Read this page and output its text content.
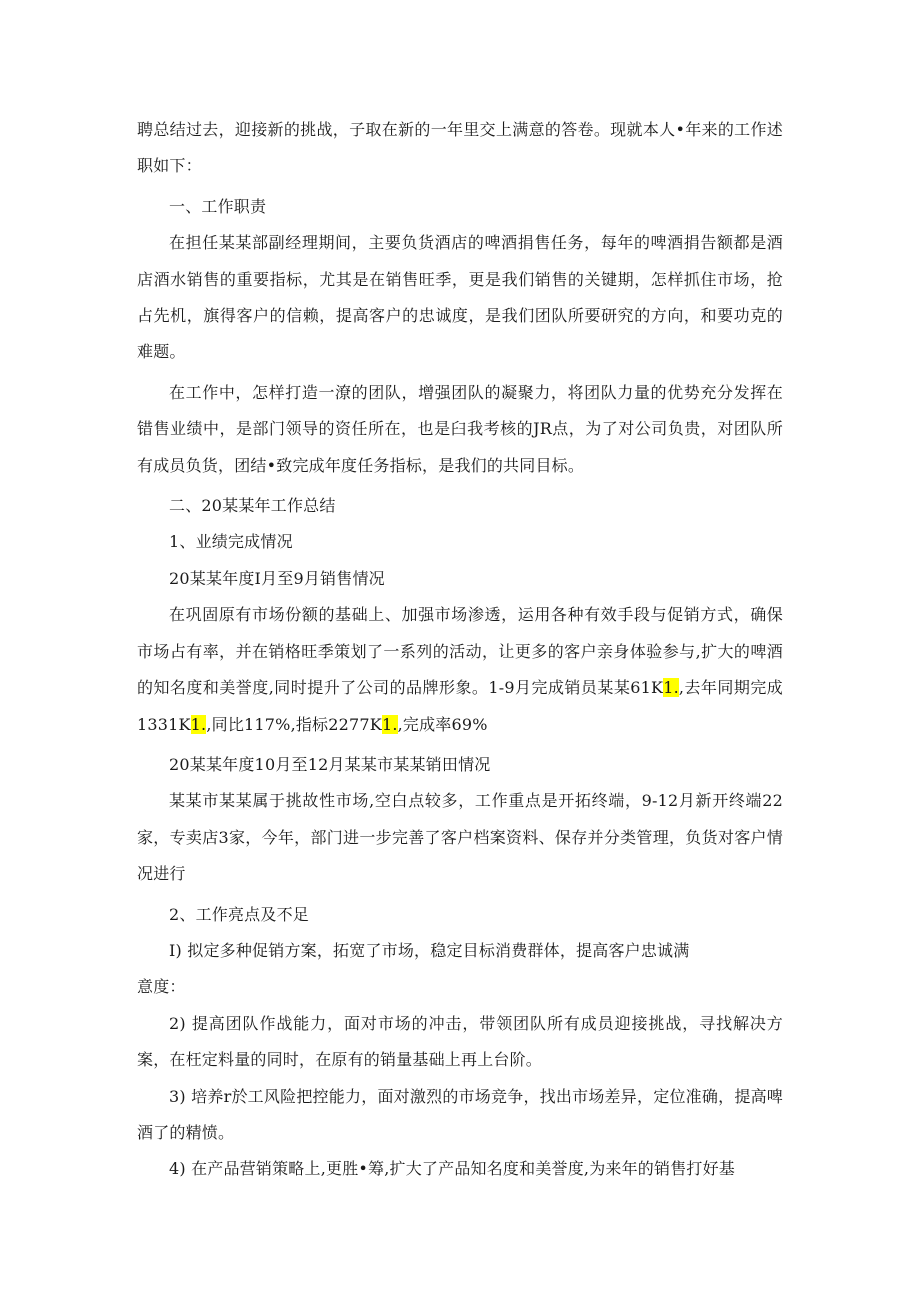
聘总结过去，迎接新的挑战，子取在新的一年里交上满意的答卷。现就本人•年来的工作述职如下：

一、工作职责

在担任某某部副经理期间，主要负货酒店的啤酒捐售任务，每年的啤酒捐告额都是酒店酒水销售的重要指标，尤其是在销售旺季，更是我们销售的关键期，怎样抓住市场，抢占先机，旗得客户的信赖，提高客户的忠诚度，是我们团队所要研究的方向，和要功克的难题。

在工作中，怎样打造一潦的团队，增强团队的凝聚力，将团队力量的优势充分发挥在错售业绩中，是部门领导的资任所在，也是臼我考核的JR点，为了对公司负贵，对团队所有成员负货，团结•致完成年度任务指标，是我们的共同目标。

二、20某某年工作总结

1、业绩完成情况

20某某年度I月至9月销售情况

在巩固原有市场份额的基础上、加强市场渗透，运用各种有效手段与促销方式，确保市场占有率，并在销格旺季策划了一系列的活动，让更多的客户亲身体验参与,扩大的啤酒的知名度和美誉度,同时提升了公司的品牌形象。1-9月完成销员某某61K1.,去年同期完成1331K1.,同比117%,指标2277K1.,完成率69%

20某某年度10月至12月某某市某某销田情况

某某市某某属于挑故性市场,空白点较多，工作重点是开拓终端，9-12月新开终端22家，专卖店3家，今年，部门进一步完善了客户档案资料、保存并分类管理，负货对客户情况进行

2、工作亮点及不足

I) 拟定多种促销方案，拓宽了市场，稳定目标消费群体，提高客户忠诚满

意度：

2) 提高团队作战能力，面对市场的冲击，带领团队所有成员迎接挑战，寻找解决方案，在枉定料量的同时，在原有的销量基础上再上台阶。

3) 培养r於工风险把控能力，面对激烈的市场竞争，找出市场差异，定位准确，提高啤酒了的精愤。

4) 在产品营销策略上,更胜•筹,扩大了产品知名度和美誉度,为来年的销售打好基
